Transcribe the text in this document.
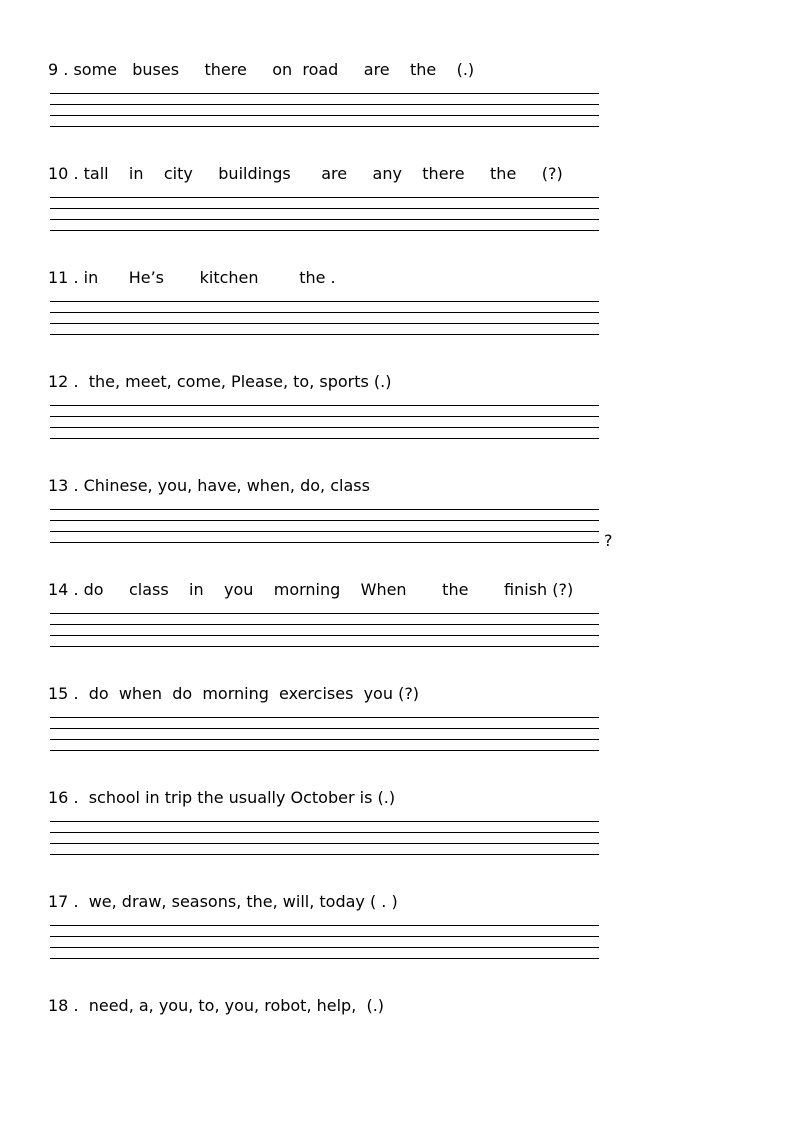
9 . some   buses     there     on  road     are    the    (.)
10 . tall    in    city     buildings      are     any    there     the     (?)
11 . in      He’s       kitchen        the .
12 .  the, meet, come, Please, to, sports (.)
13 . Chinese, you, have, when, do, class
?
14 . do     class    in    you    morning    When       the       finish (?)
15 .  do  when  do  morning  exercises  you (?)
16 .  school in trip the usually October is (.)
17 .  we, draw, seasons, the, will, today ( . )
18 .  need, a, you, to, you, robot, help,  (.)
